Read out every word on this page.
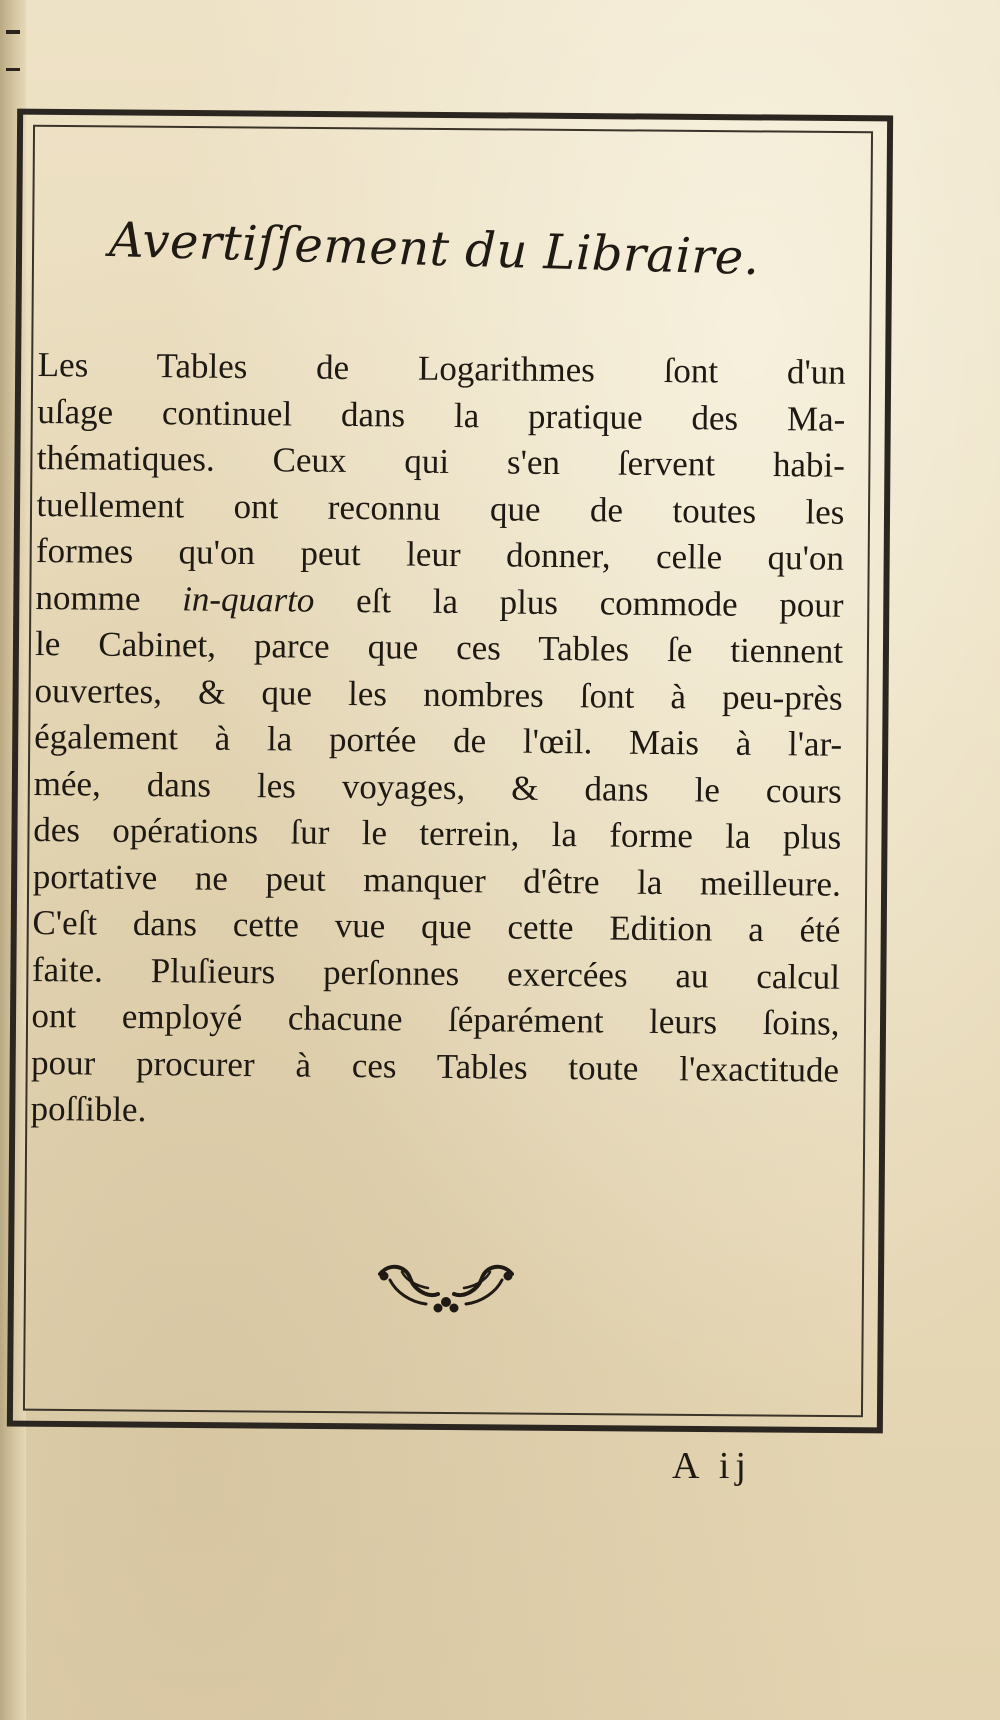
Avertiſſement du Libraire.
Les Tables de Logarithmes ſont d'un
uſage continuel dans la pratique des Ma-
thématiques. Ceux qui s'en ſervent habi-
tuellement ont reconnu que de toutes les
formes qu'on peut leur donner, celle qu'on
nomme in-quarto eſt la plus commode pour
le Cabinet, parce que ces Tables ſe tiennent
ouvertes, & que les nombres ſont à peu-près
également à la portée de l'œil. Mais à l'ar-
mée, dans les voyages, & dans le cours
des opérations ſur le terrein, la forme la plus
portative ne peut manquer d'être la meilleure.
C'eſt dans cette vue que cette Edition a été
faite. Pluſieurs perſonnes exercées au calcul
ont employé chacune ſéparément leurs ſoins,
pour procurer à ces Tables toute l'exactitude
poſſible.

A ij
